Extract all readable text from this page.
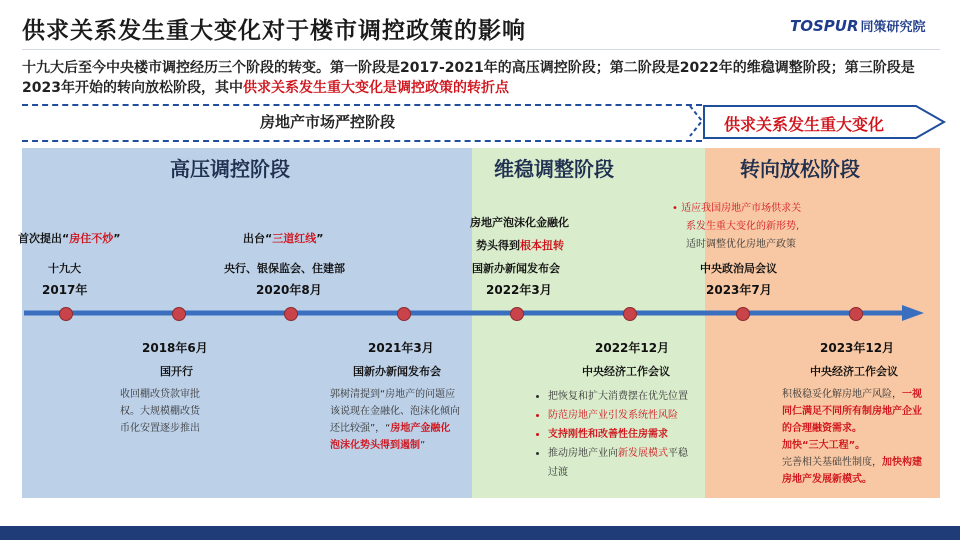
供求关系发生重大变化对于楼市调控政策的影响	TOSPUR 同策研究院
十九大后至今中央楼市调控经历三个阶段的转变。第一阶段是2017-2021年的高压调控阶段；第二阶段是2022年的维稳调整阶段；第三阶段是2023年开始的转向放松阶段，其中供求关系发生重大变化是调控政策的转折点
房地产市场严控阶段	供求关系发生重大变化
高压调控阶段	维稳调整阶段	转向放松阶段
首次提出“房住不炒”
十九大
2017年
出台“三道红线”
央行、银保监会、住建部
2020年8月
房地产泡沫化金融化
势头得到根本扭转
国新办新闻发布会
2022年3月
• 适应我国房地产市场供求关
系发生重大变化的新形势,
适时调整优化房地产政策
中央政治局会议
2023年7月
2018年6月
国开行
收回棚改贷款审批
权。大规模棚改货
币化安置逐步推出
2021年3月
国新办新闻发布会
郭树清提到“房地产的问题应
该说现在金融化、泡沫化倾向
还比较强”，“房地产金融化
泡沫化势头得到遏制”
2022年12月
中央经济工作会议
• 把恢复和扩大消费摆在优先位置
• 防范房地产业引发系统性风险
• 支持刚性和改善性住房需求
• 推动房地产业向新发展模式平稳
过渡
2023年12月
中央经济工作会议
积极稳妥化解房地产风险，一视
同仁满足不同所有制房地产企业
的合理融资需求。
加快“三大工程”。
完善相关基础性制度，加快构建
房地产发展新模式。
